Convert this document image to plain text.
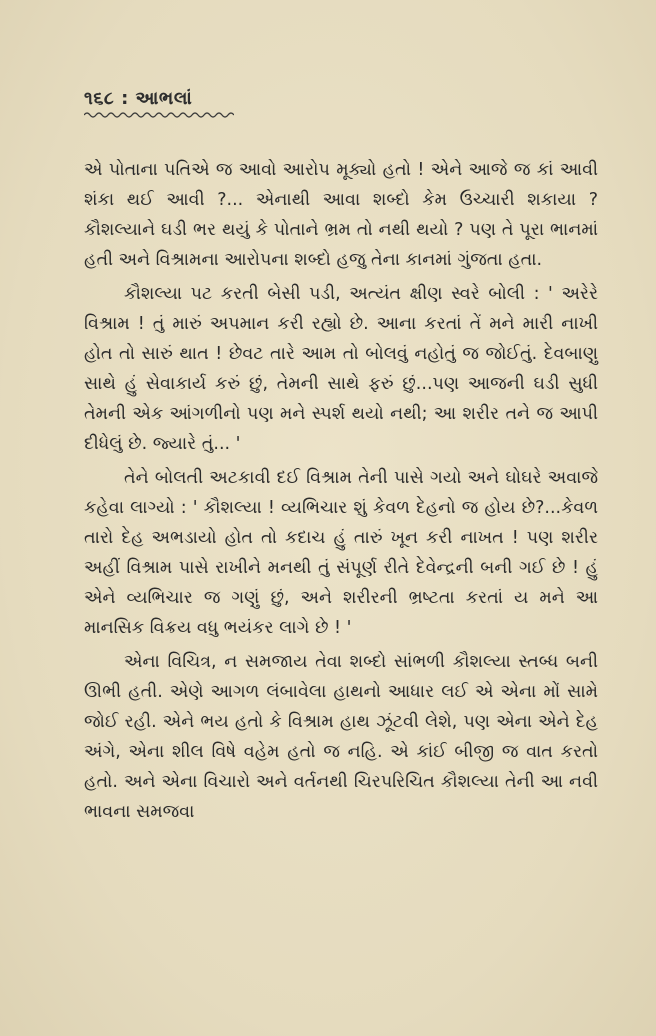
૧૬૮ : આભલાં

એ પોતાના પતિએ જ આવો આરોપ મૂક્યો હતો ! એને આજે જ કાં આવી શંકા થઈ આવી ?... એનાથી આવા શબ્દો કેમ ઉચ્ચારી શકાયા ? કૌશલ્યાને ઘડી ભર થયું કે પોતાને ભ્રમ તો નથી થયો ? પણ તે પૂરા ભાનમાં હતી અને વિશ્રામના આરોપના શબ્દો હજુ તેના કાનમાં ગુંજતા હતા.

કૌશલ્યા પટ કરતી બેસી પડી, અત્યંત ક્ષીણ સ્વરે બોલી : ' અરેરે વિશ્રામ ! તું મારું અપમાન કરી રહ્યો છે. આના કરતાં તેં મને મારી નાખી હોત તો સારું થાત ! છેવટ તારે આમ તો બોલવું નહોતું જ જોઈતું. દેવબાણુ સાથે હું સેવાકાર્ય કરું છું, તેમની સાથે ફરું છું...પણ આજની ઘડી સુધી તેમની એક આંગળીનો પણ મને સ્પર્શ થયો નથી; આ શરીર તને જ આપી દીધેલું છે. જ્યારે તું... '

તેને બોલતી અટકાવી દઈ વિશ્રામ તેની પાસે ગયો અને ઘોઘરે અવાજે કહેવા લાગ્યો : ' કૌશલ્યા ! વ્યભિચાર શું કેવળ દેહનો જ હોય છે?...કેવળ તારો દેહ અભડાયો હોત તો કદાચ હું તારું ખૂન કરી નાખત ! પણ શરીર અહીં વિશ્રામ પાસે રાખીને મનથી તું સંપૂર્ણ રીતે દેવેન્દ્રની બની ગઈ છે ! હું એને વ્યભિચાર જ ગણું છું, અને શરીરની ભ્રષ્ટતા કરતાં ય મને આ માનસિક વિક્રય વધુ ભયંકર લાગે છે ! '

એના વિચિત્ર, ન સમજાય તેવા શબ્દો સાંભળી કૌશલ્યા સ્તબ્ધ બની ઊભી હતી. એણે આગળ લંબાવેલા હાથનો આધાર લઈ એ એના મોં સામે જોઈ રહી. એને ભય હતો કે વિશ્રામ હાથ ઝૂંટવી લેશે, પણ એના એને દેહ અંગે, એના શીલ વિષે વહેમ હતો જ નહિ. એ કાંઈ બીજી જ વાત કરતો હતો. અને એના વિચારો અને વર્તનથી ચિરપરિચિત કૌશલ્યા તેની આ નવી ભાવના સમજવા
